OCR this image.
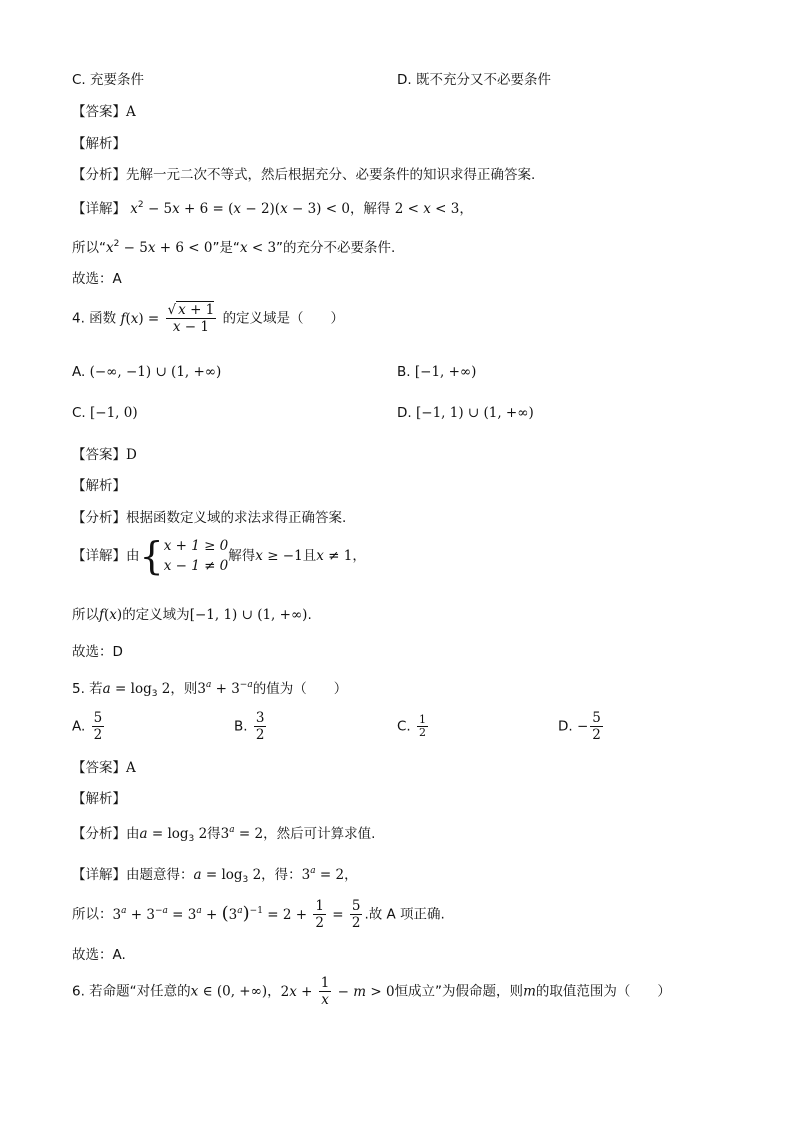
C. 充要条件	D. 既不充分又不必要条件
【答案】A
【解析】
【分析】先解一元二次不等式，然后根据充分、必要条件的知识求得正确答案.
【详解】 $x^2 - 5x + 6 = (x - 2)(x - 3) < 0$，解得 2 < x < 3，
所以“$x^2 - 5x + 6 < 0$”是“x < 3”的充分不必要条件.
故选：A
4. 函数 $f(x) = \frac{√ x + 1}{x - 1}$ 的定义域是（　　）
A. (−∞, −1) ∪ (1, +∞)	B. [−1, +∞)
C. [−1, 0)	D. [−1, 1) ∪ (1, +∞)
【答案】D
【解析】
【分析】根据函数定义域的求法求得正确答案.
【详解】由{ x + 1 ≥ 0
x − 1 ≠ 0
解得x ≥ −1且x ≠ 1，
所以f(x)的定义域为[−1, 1) ∪ (1, +∞).
故选：D
5. 若$a = \log_3 2$，则$3^a + 3^{-a}$的值为（　　）
A. $\frac{5}{2}$	B. $\frac{3}{2}$	C. $\frac{1}{2}$	D. − $\frac{5}{2}$
【答案】A
【解析】
【分析】由$a = \log_3 2$得$3^a = 2$，然后可计算求值.
【详解】由题意得：$a = \log_3 2$，得：$3^a = 2$，
所以：$3^a + 3^{-a} = 3^a + (3^a)^{-1} = 2 + \frac{1}{2} = \frac{5}{2}$ .故 A 项正确.
故选：A.
6. 若命题“对任意的x ∈ (0, +∞)，$2x + \frac{1}{x} - m > 0$恒成立”为假命题，则m的取值范围为（　　）
